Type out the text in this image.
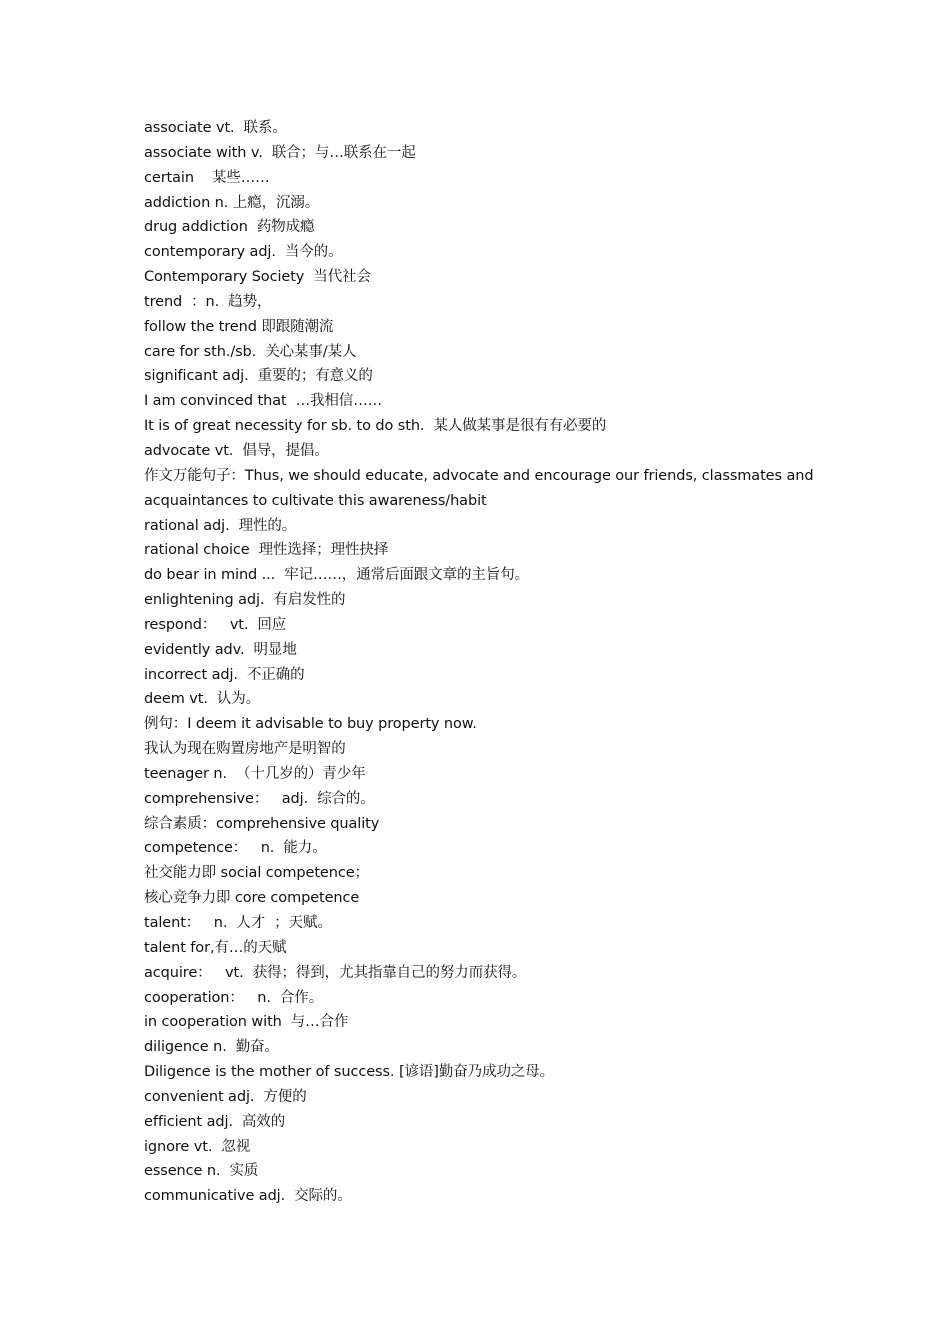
associate vt.  联系。
associate with v.  联合；与…联系在一起
certain    某些……
addiction n. 上瘾，沉溺。
drug addiction  药物成瘾
contemporary adj.  当今的。
Contemporary Society  当代社会
trend  ：n.  趋势，
follow the trend 即跟随潮流
care for sth./sb.  关心某事/某人
significant adj.  重要的；有意义的
I am convinced that  …我相信……
It is of great necessity for sb. to do sth.  某人做某事是很有有必要的
advocate vt.  倡导，提倡。
作文万能句子：Thus, we should educate, advocate and encourage our friends, classmates and
acquaintances to cultivate this awareness/habit
rational adj.  理性的。
rational choice  理性选择；理性抉择
do bear in mind ...  牢记……，通常后面跟文章的主旨句。
enlightening adj.  有启发性的
respond：   vt.  回应
evidently adv.  明显地
incorrect adj.  不正确的
deem vt.  认为。
例句：I deem it advisable to buy property now.
我认为现在购置房地产是明智的
teenager n.  （十几岁的）青少年
comprehensive：   adj.  综合的。
综合素质：comprehensive quality
competence：   n.  能力。
社交能力即 social competence；
核心竞争力即 core competence
talent：   n.  人才  ；天赋。
talent for,有…的天赋
acquire：   vt.  获得；得到，尤其指靠自己的努力而获得。
cooperation：   n.  合作。
in cooperation with  与…合作
diligence n.  勤奋。
Diligence is the mother of success. [谚语]勤奋乃成功之母。
convenient adj.  方便的
efficient adj.  高效的
ignore vt.  忽视
essence n.  实质
communicative adj.  交际的。
